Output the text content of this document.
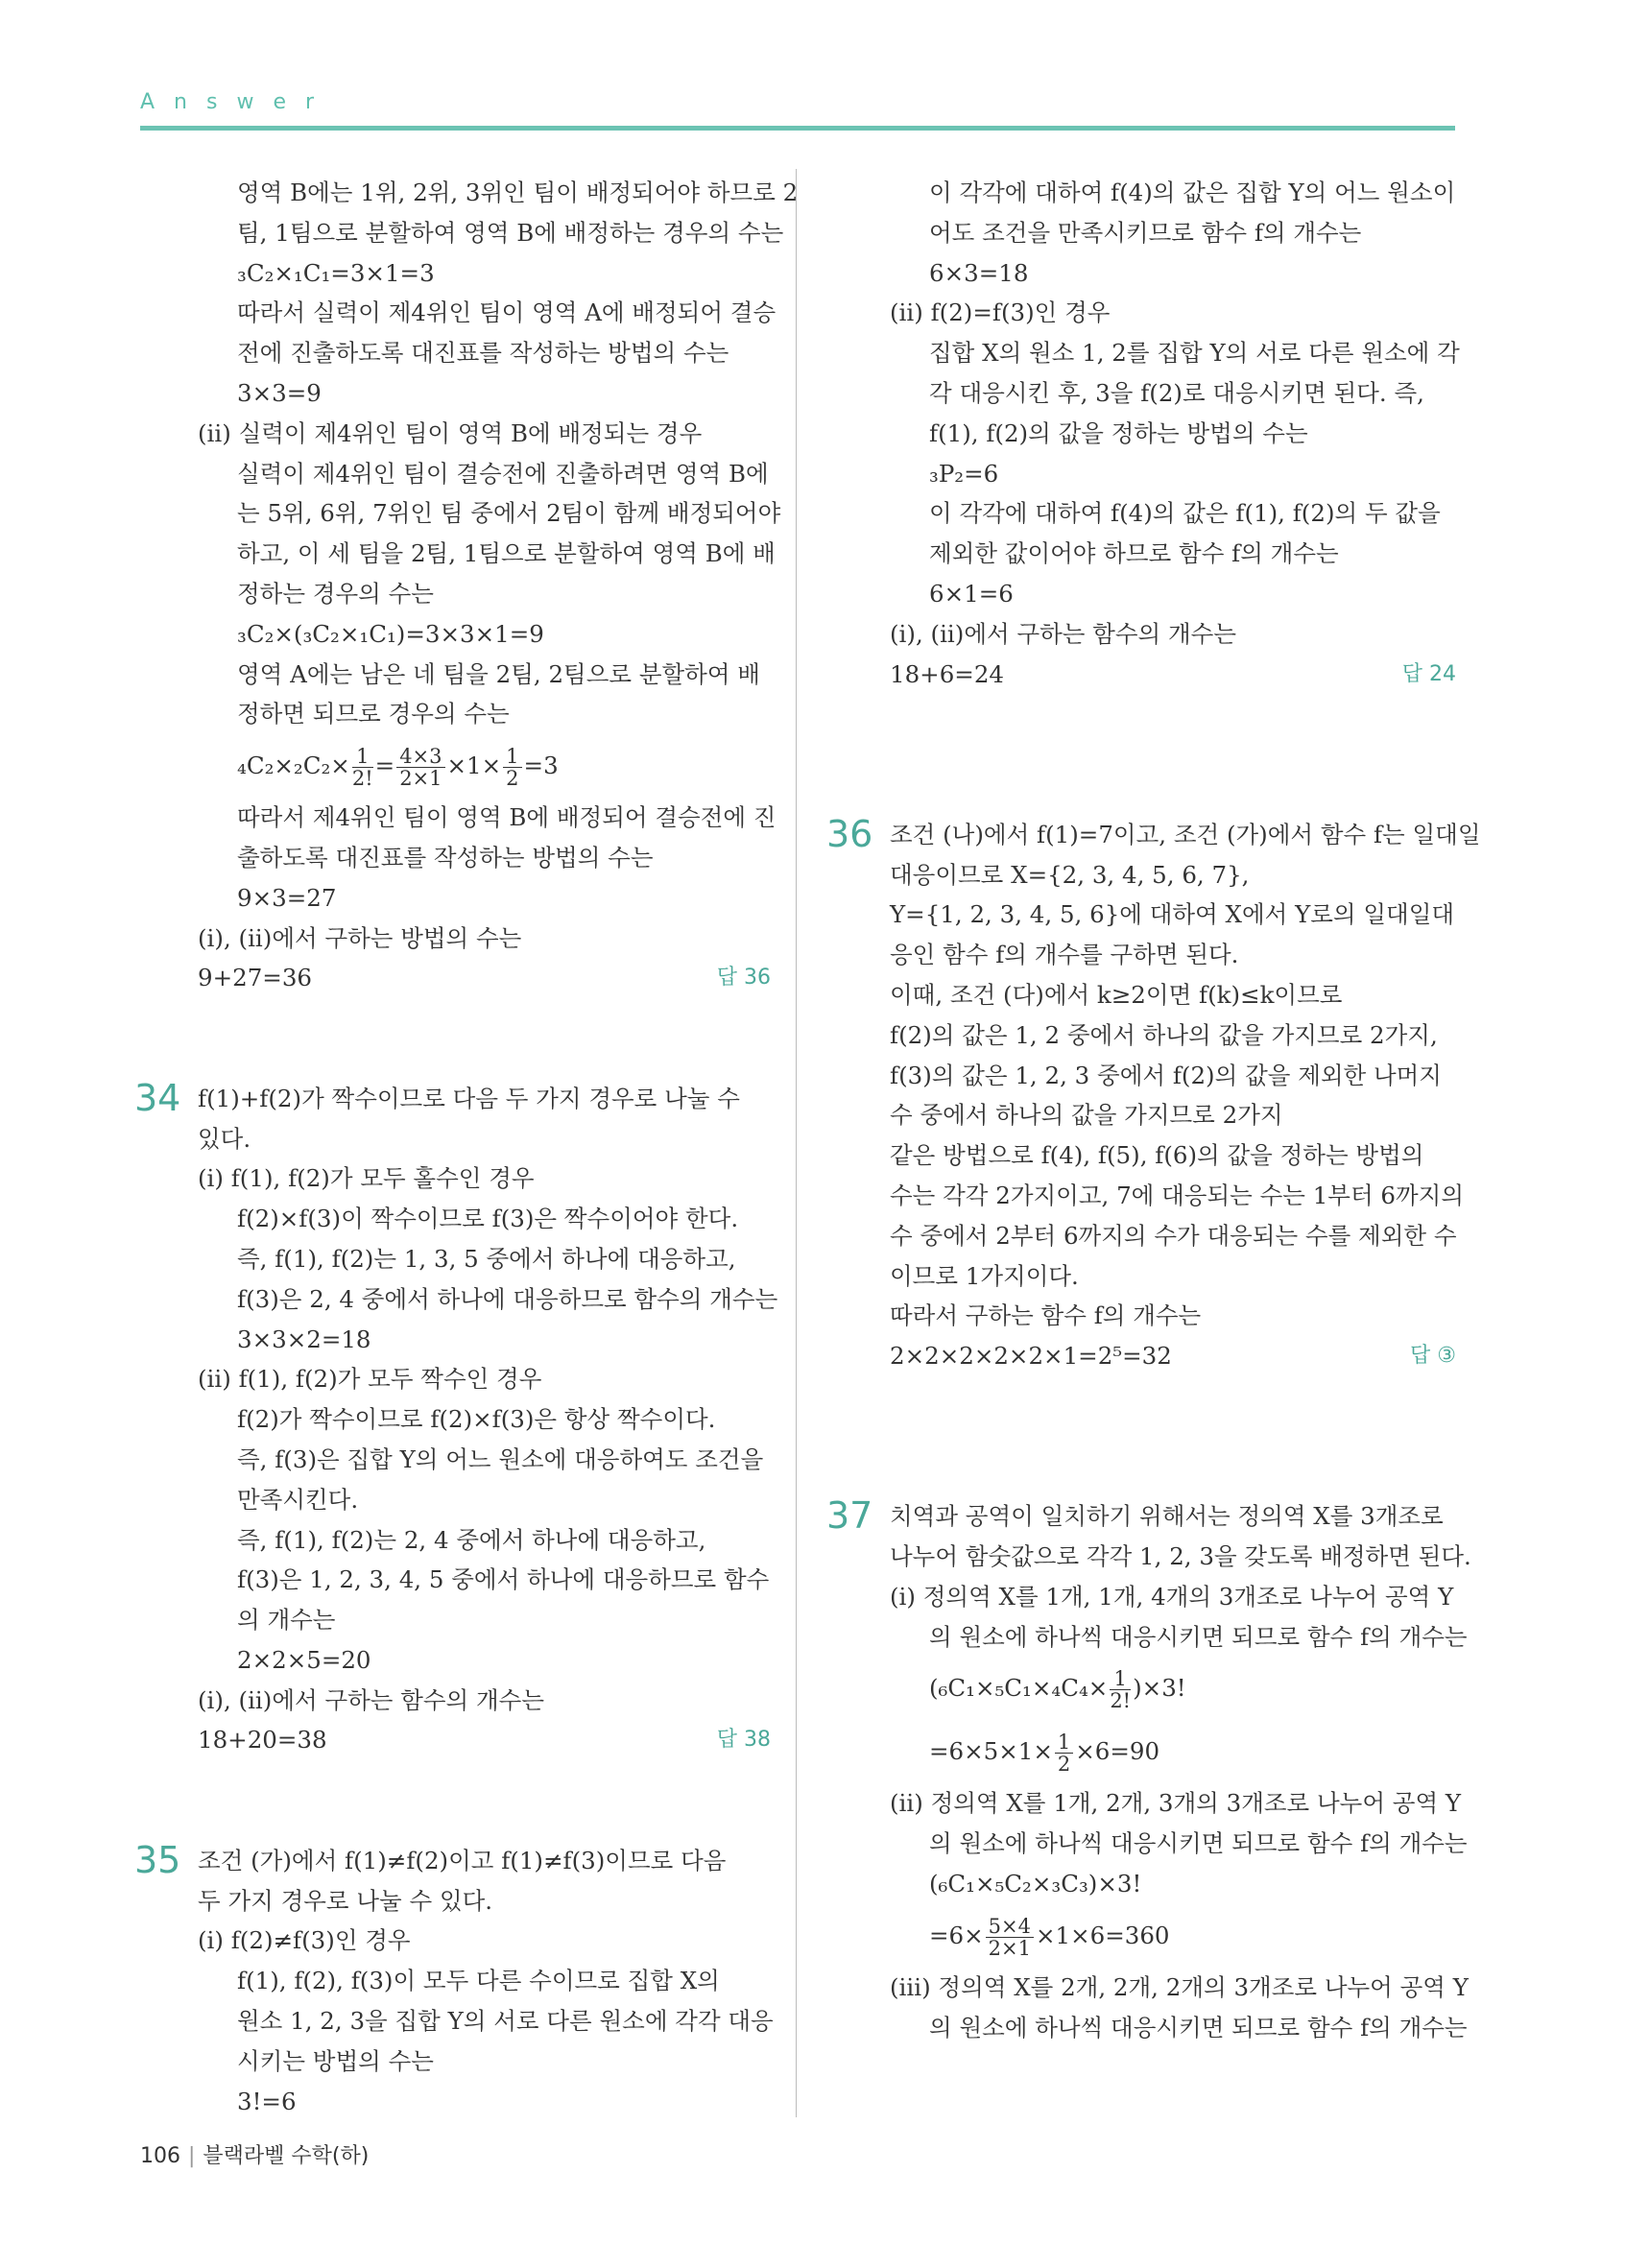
Answer
영역 B에는 1위, 2위, 3위인 팀이 배정되어야 하므로 2
팀, 1팀으로 분할하여 영역 B에 배정하는 경우의 수는
₃C₂×₁C₁=3×1=3
따라서 실력이 제4위인 팀이 영역 A에 배정되어 결승
전에 진출하도록 대진표를 작성하는 방법의 수는
3×3=9
(ii) 실력이 제4위인 팀이 영역 B에 배정되는 경우
실력이 제4위인 팀이 결승전에 진출하려면 영역 B에
는 5위, 6위, 7위인 팀 중에서 2팀이 함께 배정되어야
하고, 이 세 팀을 2팀, 1팀으로 분할하여 영역 B에 배
정하는 경우의 수는
₃C₂×(₃C₂×₁C₁)=3×3×1=9
영역 A에는 남은 네 팀을 2팀, 2팀으로 분할하여 배
정하면 되므로 경우의 수는
$_4C_2\times_2C_2\times \frac{1}{2!} = \frac{4\times 3}{2\times 1} \times 1\times \frac{1}{2} =3$
따라서 제4위인 팀이 영역 B에 배정되어 결승전에 진
출하도록 대진표를 작성하는 방법의 수는
9×3=27
(i), (ii)에서 구하는 방법의 수는
9+27=36	답 36
34 f(1)+f(2)가 짝수이므로 다음 두 가지 경우로 나눌 수
있다.
(i) f(1), f(2)가 모두 홀수인 경우
f(2)×f(3)이 짝수이므로 f(3)은 짝수이어야 한다.
즉, f(1), f(2)는 1, 3, 5 중에서 하나에 대응하고,
f(3)은 2, 4 중에서 하나에 대응하므로 함수의 개수는
3×3×2=18
(ii) f(1), f(2)가 모두 짝수인 경우
f(2)가 짝수이므로 f(2)×f(3)은 항상 짝수이다.
즉, f(3)은 집합 Y의 어느 원소에 대응하여도 조건을
만족시킨다.
즉, f(1), f(2)는 2, 4 중에서 하나에 대응하고,
f(3)은 1, 2, 3, 4, 5 중에서 하나에 대응하므로 함수
의 개수는
2×2×5=20
(i), (ii)에서 구하는 함수의 개수는
18+20=38	답 38
35 조건 (가)에서 f(1)≠f(2)이고 f(1)≠f(3)이므로 다음
두 가지 경우로 나눌 수 있다.
(i) f(2)≠f(3)인 경우
f(1), f(2), f(3)이 모두 다른 수이므로 집합 X의
원소 1, 2, 3을 집합 Y의 서로 다른 원소에 각각 대응
시키는 방법의 수는
3!=6
이 각각에 대하여 f(4)의 값은 집합 Y의 어느 원소이
어도 조건을 만족시키므로 함수 f의 개수는
6×3=18
(ii) f(2)=f(3)인 경우
집합 X의 원소 1, 2를 집합 Y의 서로 다른 원소에 각
각 대응시킨 후, 3을 f(2)로 대응시키면 된다. 즉,
f(1), f(2)의 값을 정하는 방법의 수는
₃P₂=6
이 각각에 대하여 f(4)의 값은 f(1), f(2)의 두 값을
제외한 값이어야 하므로 함수 f의 개수는
6×1=6
(i), (ii)에서 구하는 함수의 개수는
18+6=24	답 24
36 조건 (나)에서 f(1)=7이고, 조건 (가)에서 함수 f는 일대일
대응이므로 X={2, 3, 4, 5, 6, 7},
Y={1, 2, 3, 4, 5, 6}에 대하여 X에서 Y로의 일대일대
응인 함수 f의 개수를 구하면 된다.
이때, 조건 (다)에서 k≥2이면 f(k)≤k이므로
f(2)의 값은 1, 2 중에서 하나의 값을 가지므로 2가지,
f(3)의 값은 1, 2, 3 중에서 f(2)의 값을 제외한 나머지
수 중에서 하나의 값을 가지므로 2가지
같은 방법으로 f(4), f(5), f(6)의 값을 정하는 방법의
수는 각각 2가지이고, 7에 대응되는 수는 1부터 6까지의
수 중에서 2부터 6까지의 수가 대응되는 수를 제외한 수
이므로 1가지이다.
따라서 구하는 함수 f의 개수는
2×2×2×2×2×1=2⁵=32	답 ③
37 치역과 공역이 일치하기 위해서는 정의역 X를 3개조로
나누어 함숫값으로 각각 1, 2, 3을 갖도록 배정하면 된다.
(i) 정의역 X를 1개, 1개, 4개의 3개조로 나누어 공역 Y
의 원소에 하나씩 대응시키면 되므로 함수 f의 개수는
$(_6C_1\times_5C_1\times_4C_4\times \frac{1}{2!} )\times 3$!
$=6\times 5\times 1\times \frac{1}{2} \times 6=90$
(ii) 정의역 X를 1개, 2개, 3개의 3개조로 나누어 공역 Y
의 원소에 하나씩 대응시키면 되므로 함수 f의 개수는
(₆C₁×₅C₂×₃C₃)×3!
$=6\times \frac{5\times 4}{2\times 1} \times 1\times 6=360$
(iii) 정의역 X를 2개, 2개, 2개의 3개조로 나누어 공역 Y
의 원소에 하나씩 대응시키면 되므로 함수 f의 개수는
106 | 블랙라벨 수학(하)
